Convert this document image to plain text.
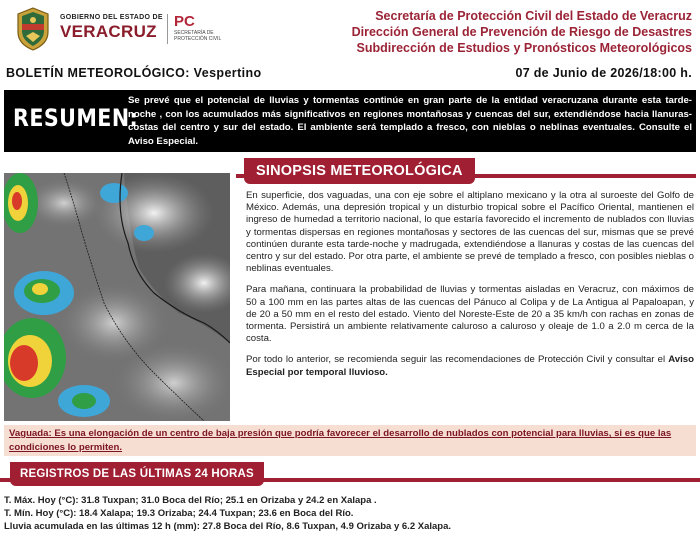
GOBIERNO DEL ESTADO DE
VERACRUZ
PC
SECRETARÍA DE PROTECCIÓN CIVIL
Secretaría de Protección Civil del Estado de Veracruz
Dirección General de Prevención de Riesgo de Desastres
Subdirección de Estudios y Pronósticos Meteorológicos
BOLETÍN METEOROLÓGICO: Vespertino	07 de Junio de 2026/18:00 h.
RESUMEN:
Se prevé que el potencial de lluvias y tormentas continúe en gran parte de la entidad veracruzana durante esta tarde- noche , con los acumulados más significativos en regiones montañosas y cuencas del sur, extendiéndose hacia llanuras-costas del centro y sur del estado. El ambiente será templado a fresco, con nieblas o neblinas eventuales. Consulte el Aviso Especial.
SINOPSIS METEOROLÓGICA

En superficie, dos vaguadas, una con eje sobre el altiplano mexicano y la otra al suroeste del Golfo de México. Además, una depresión tropical y un disturbio tropical sobre el Pacífico Oriental, mantienen el ingreso de humedad a territorio nacional, lo que estaría favorecido el incremento de nublados con lluvias y tormentas dispersas en regiones montañosas y sectores de las cuencas del sur, mismas que se prevé continúen durante esta tarde-noche y madrugada, extendiéndose a llanuras y costas de las cuencas del centro y sur del estado. Por otra parte, el ambiente se prevé de templado a fresco, con posibles nieblas o neblinas eventuales.

Para mañana, continuara la probabilidad de lluvias y tormentas aisladas en Veracruz, con máximos de 50 a 100 mm en las partes altas de las cuencas del Pánuco al Colipa y de La Antigua al Papaloapan, y de 20 a 50 mm en el resto del estado. Viento del Noreste-Este de 20 a 35 km/h con rachas en zonas de tormenta. Persistirá un ambiente relativamente caluroso a caluroso y oleaje de 1.0 a 2.0 m cerca de la costa.

Por todo lo anterior, se recomienda seguir las recomendaciones de Protección Civil y consultar el Aviso Especial por temporal lluvioso.

Vaguada: Es una elongación de un centro de baja presión que podría favorecer el desarrollo de nublados con potencial para lluvias, si es que las condiciones lo permiten.
REGISTROS DE LAS ÚLTIMAS 24 HORAS
T. Máx. Hoy (°C): 31.8 Tuxpan; 31.0 Boca del Río; 25.1 en Orizaba y 24.2 en Xalapa .
T. Mín. Hoy (°C): 18.4 Xalapa; 19.3 Orizaba; 24.4 Tuxpan; 23.6 en Boca del Río.
Lluvia acumulada en las últimas 12 h (mm): 27.8 Boca del Río, 8.6 Tuxpan, 4.9 Orizaba y 6.2 Xalapa.
